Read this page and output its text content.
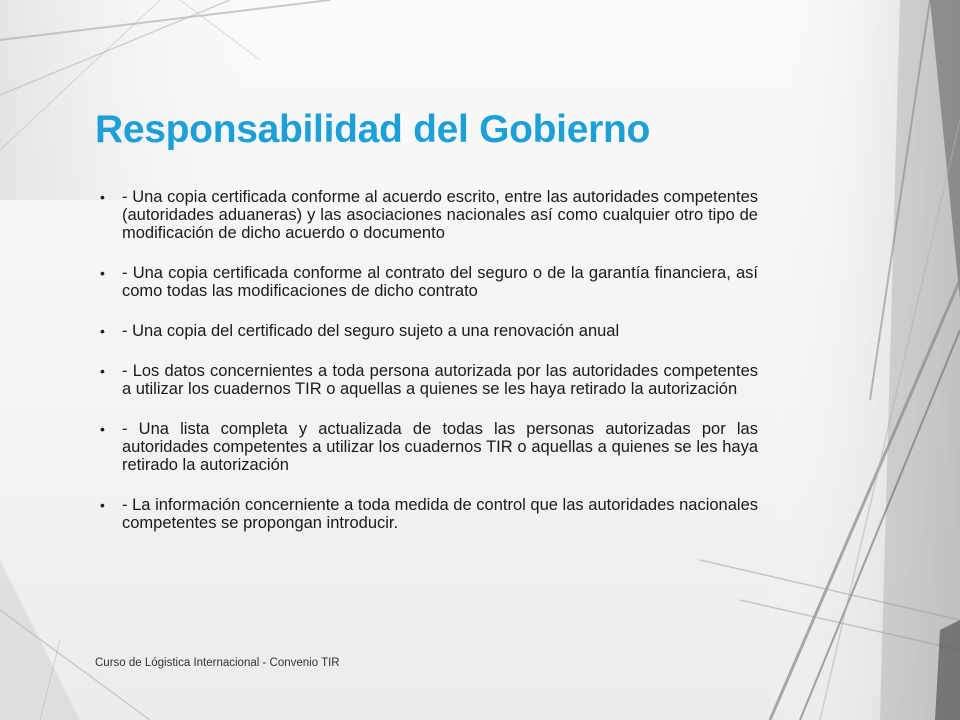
Responsabilidad del Gobierno
• - Una copia certificada conforme al acuerdo escrito, entre las autoridades competentes (autoridades aduaneras) y las asociaciones nacionales así como cualquier otro tipo de modificación de dicho acuerdo o documento
• - Una copia certificada conforme al contrato del seguro o de la garantía financiera, así como todas las modificaciones de dicho contrato
• - Una copia del certificado del seguro sujeto a una renovación anual
• - Los datos concernientes a toda persona autorizada por las autoridades competentes a utilizar los cuadernos TIR o aquellas a quienes se les haya retirado la autorización
• - Una lista completa y actualizada de todas las personas autorizadas por las autoridades competentes a utilizar los cuadernos TIR o aquellas a quienes se les haya retirado la autorización
• - La información concerniente a toda medida de control que las autoridades nacionales competentes se propongan introducir.
Curso de Lógistica Internacional - Convenio TIR
